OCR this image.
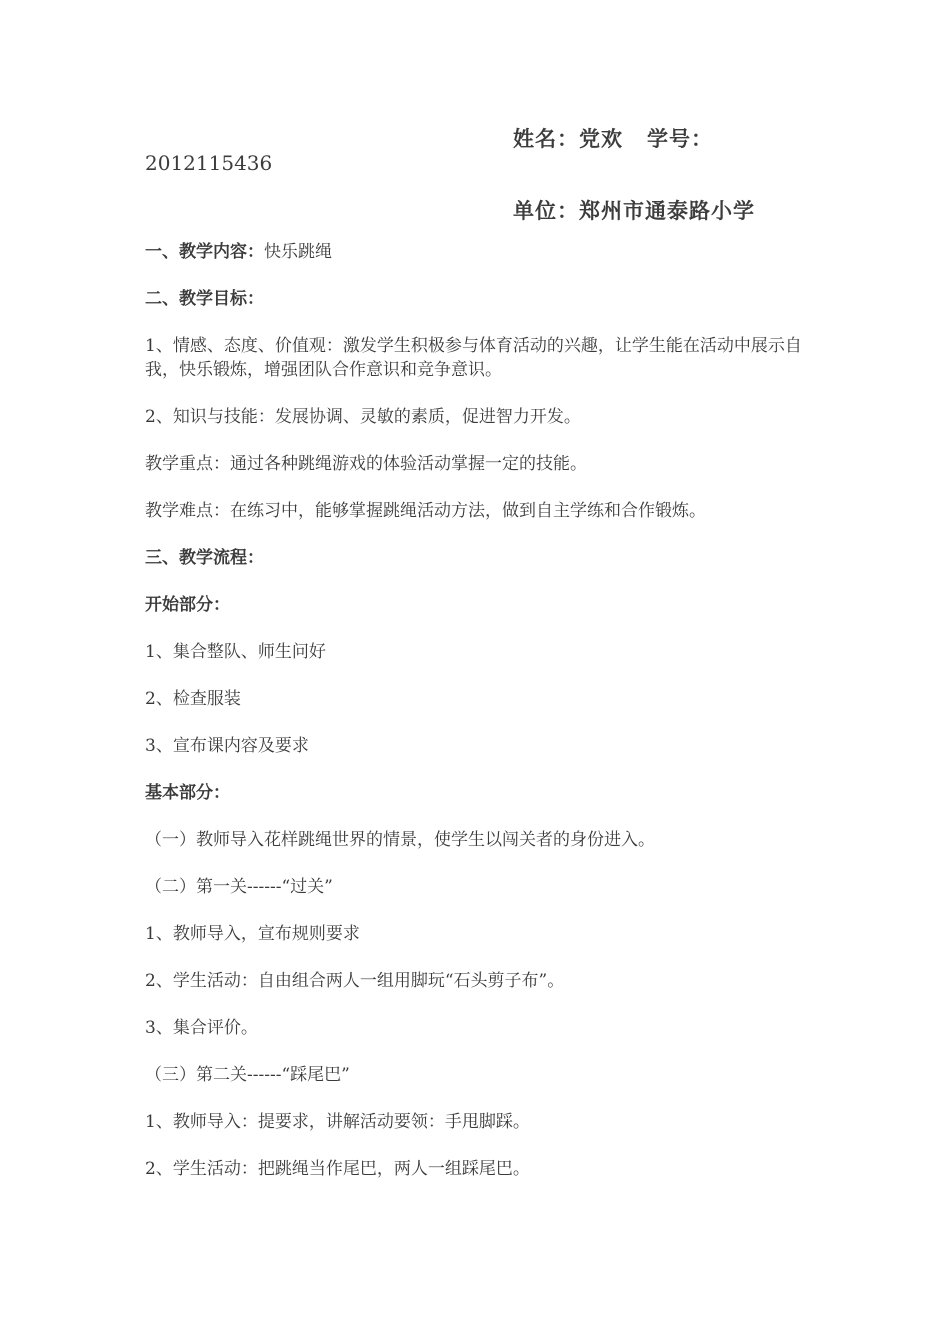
姓名：党欢 学号：
2012115436
单位：郑州市通泰路小学

一、教学内容：快乐跳绳

二、教学目标：

1、情感、态度、价值观：激发学生积极参与体育活动的兴趣，让学生能在活动中展示自我，快乐锻炼，增强团队合作意识和竞争意识。

2、知识与技能：发展协调、灵敏的素质，促进智力开发。

教学重点：通过各种跳绳游戏的体验活动掌握一定的技能。

教学难点：在练习中，能够掌握跳绳活动方法，做到自主学练和合作锻炼。

三、教学流程：

开始部分：

1、集合整队、师生问好

2、检查服装

3、宣布课内容及要求

基本部分：

（一）教师导入花样跳绳世界的情景，使学生以闯关者的身份进入。

（二）第一关------“过关”

1、教师导入，宣布规则要求

2、学生活动：自由组合两人一组用脚玩“石头剪子布”。

3、集合评价。

（三）第二关------“踩尾巴”

1、教师导入：提要求，讲解活动要领：手甩脚踩。

2、学生活动：把跳绳当作尾巴，两人一组踩尾巴。
